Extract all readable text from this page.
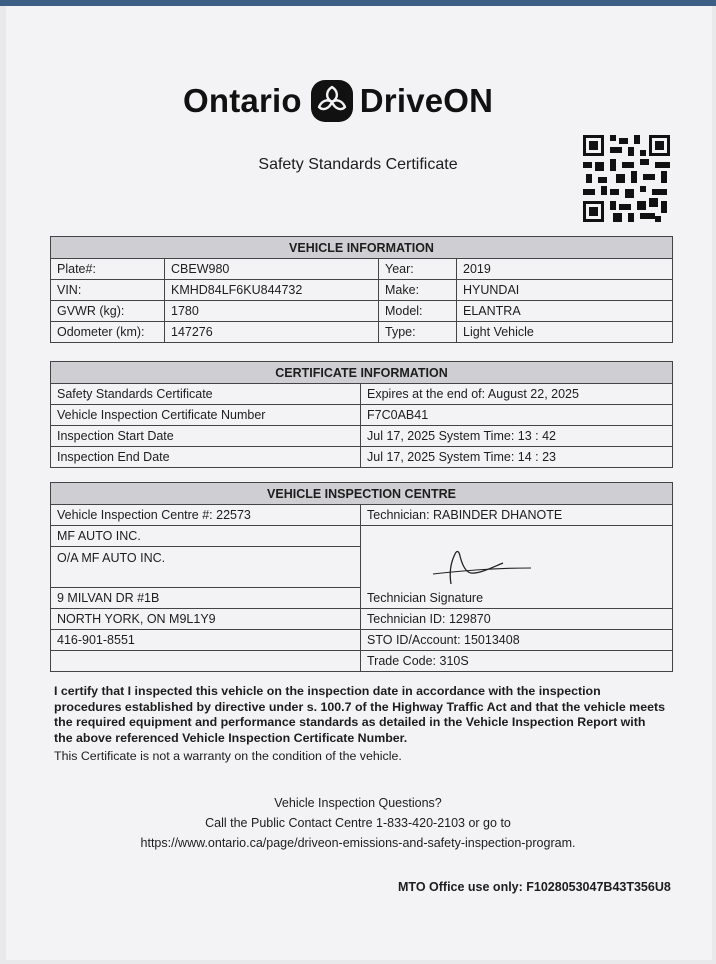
Ontario DriveON
Safety Standards Certificate
VEHICLE INFORMATION			
Plate#:	CBEW980	Year:	2019
VIN:	KMHD84LF6KU844732	Make:	HYUNDAI
GVWR (kg):	1780	Model:	ELANTRA
Odometer (km):	147276	Type:	Light Vehicle
CERTIFICATE INFORMATION	
Safety Standards Certificate	Expires at the end of: August 22, 2025
Vehicle Inspection Certificate Number	F7C0AB41
Inspection Start Date	Jul 17, 2025 System Time: 13 : 42
Inspection End Date	Jul 17, 2025 System Time: 14 : 23
VEHICLE INSPECTION CENTRE	
Vehicle Inspection Centre #: 22573	Technician: RABINDER DHANOTE
MF AUTO INC.	Technician Signature

O/A MF AUTO INC.	
9 MILVAN DR #1B	
NORTH YORK, ON M9L1Y9	Technician ID: 129870
416-901-8551	STO ID/Account: 15013408
	Trade Code: 310S
I certify that I inspected this vehicle on the inspection date in accordance with the inspection procedures established by directive under s. 100.7 of the Highway Traffic Act and that the vehicle meets the required equipment and performance standards as detailed in the Vehicle Inspection Report with the above referenced Vehicle Inspection Certificate Number.
This Certificate is not a warranty on the condition of the vehicle.
Vehicle Inspection Questions?
Call the Public Contact Centre 1-833-420-2103 or go to
https://www.ontario.ca/page/driveon-emissions-and-safety-inspection-program.
MTO Office use only: F1028053047B43T356U8
